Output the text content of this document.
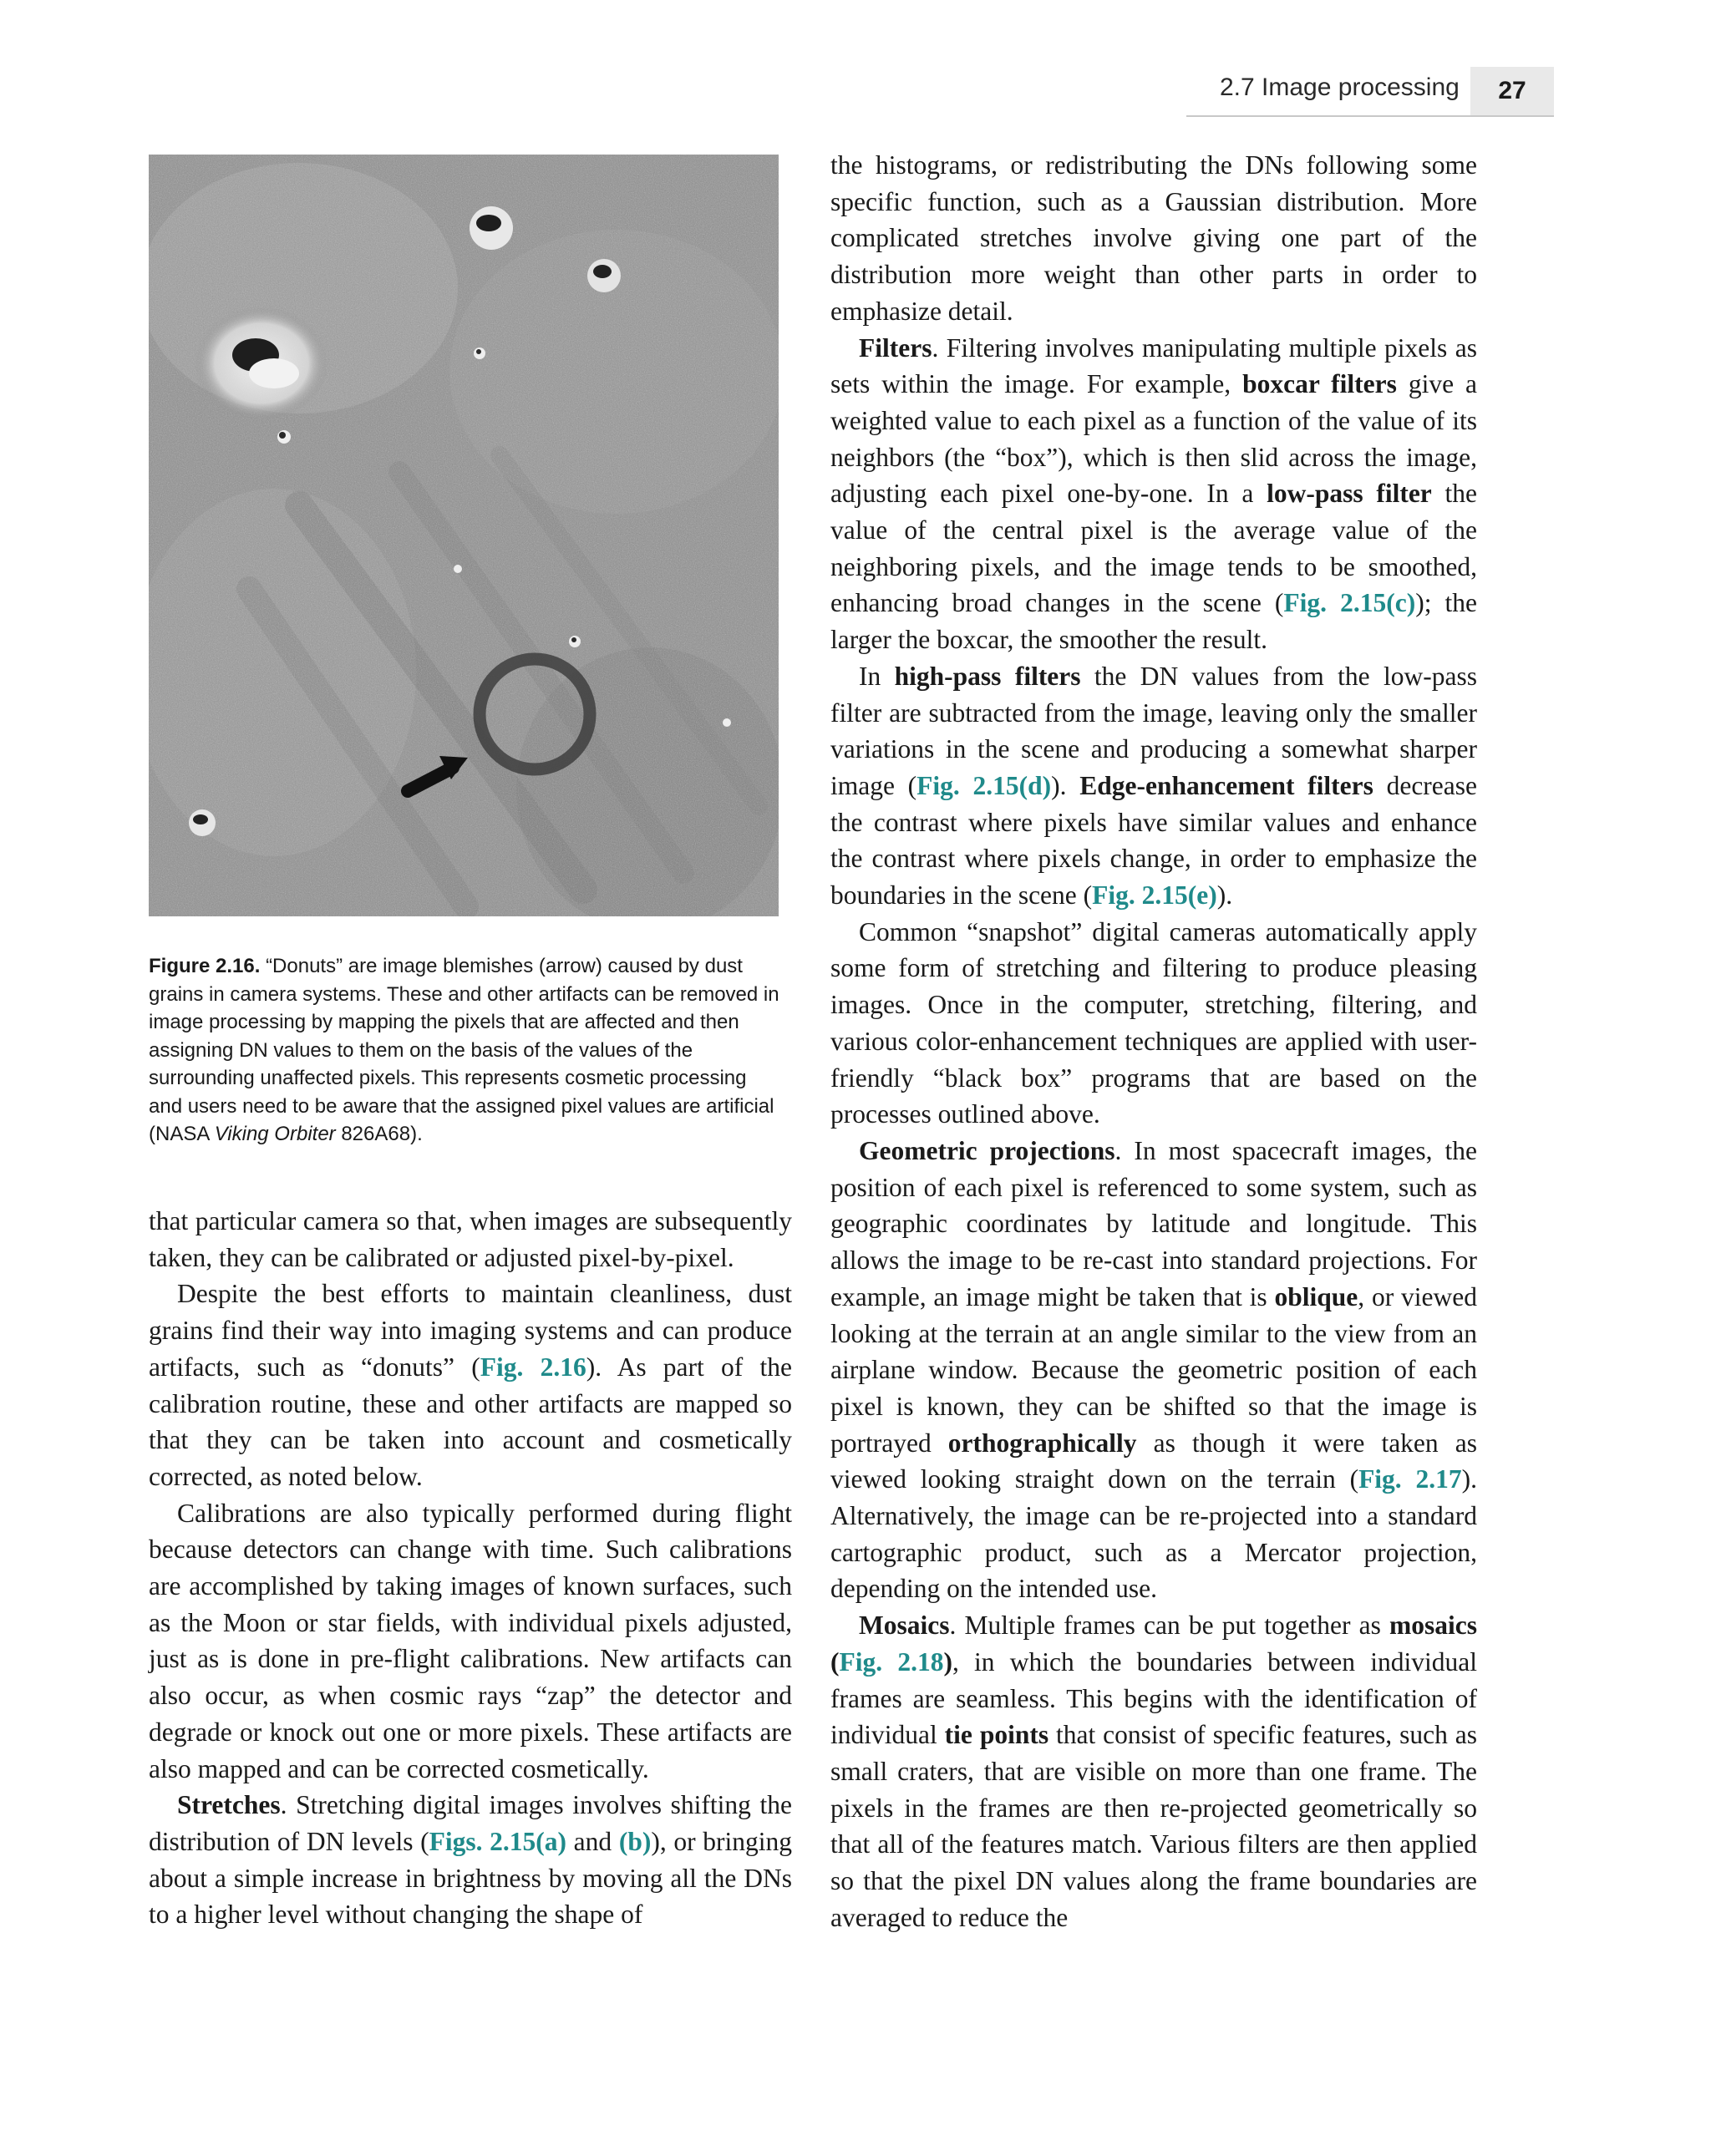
2.7 Image processing	27
Figure 2.16. “Donuts” are image blemishes (arrow) caused by dust grains in camera systems. These and other artifacts can be removed in image processing by mapping the pixels that are affected and then assigning DN values to them on the basis of the values of the surrounding unaffected pixels. This represents cosmetic processing and users need to be aware that the assigned pixel values are artificial (NASA Viking Orbiter 826A68).

that particular camera so that, when images are subsequently taken, they can be calibrated or adjusted pixel-by-pixel.

Despite the best efforts to maintain cleanliness, dust grains find their way into imaging systems and can produce artifacts, such as “donuts” (Fig. 2.16). As part of the calibration routine, these and other artifacts are mapped so that they can be taken into account and cosmetically corrected, as noted below.

Calibrations are also typically performed during flight because detectors can change with time. Such calibrations are accomplished by taking images of known surfaces, such as the Moon or star fields, with individual pixels adjusted, just as is done in pre-flight calibrations. New artifacts can also occur, as when cosmic rays “zap” the detector and degrade or knock out one or more pixels. These artifacts are also mapped and can be corrected cosmetically.

Stretches. Stretching digital images involves shifting the distribution of DN levels (Figs. 2.15(a) and (b)), or bringing about a simple increase in brightness by moving all the DNs to a higher level without changing the shape of

the histograms, or redistributing the DNs following some specific function, such as a Gaussian distribution. More complicated stretches involve giving one part of the distribution more weight than other parts in order to emphasize detail.

Filters. Filtering involves manipulating multiple pixels as sets within the image. For example, boxcar filters give a weighted value to each pixel as a function of the value of its neighbors (the “box”), which is then slid across the image, adjusting each pixel one-by-one. In a low-pass filter the value of the central pixel is the average value of the neighboring pixels, and the image tends to be smoothed, enhancing broad changes in the scene (Fig. 2.15(c)); the larger the boxcar, the smoother the result.

In high-pass filters the DN values from the low-pass filter are subtracted from the image, leaving only the smaller variations in the scene and producing a somewhat sharper image (Fig. 2.15(d)). Edge-enhancement filters decrease the contrast where pixels have similar values and enhance the contrast where pixels change, in order to emphasize the boundaries in the scene (Fig. 2.15(e)).

Common “snapshot” digital cameras automatically apply some form of stretching and filtering to produce pleasing images. Once in the computer, stretching, filtering, and various color-enhancement techniques are applied with user-friendly “black box” programs that are based on the processes outlined above.

Geometric projections. In most spacecraft images, the position of each pixel is referenced to some system, such as geographic coordinates by latitude and longitude. This allows the image to be re-cast into standard projections. For example, an image might be taken that is oblique, or viewed looking at the terrain at an angle similar to the view from an airplane window. Because the geometric position of each pixel is known, they can be shifted so that the image is portrayed orthographically as though it were taken as viewed looking straight down on the terrain (Fig. 2.17). Alternatively, the image can be re-projected into a standard cartographic product, such as a Mercator projection, depending on the intended use.

Mosaics. Multiple frames can be put together as mosaics (Fig. 2.18), in which the boundaries between individual frames are seamless. This begins with the identification of individual tie points that consist of specific features, such as small craters, that are visible on more than one frame. The pixels in the frames are then re-projected geometrically so that all of the features match. Various filters are then applied so that the pixel DN values along the frame boundaries are averaged to reduce the
